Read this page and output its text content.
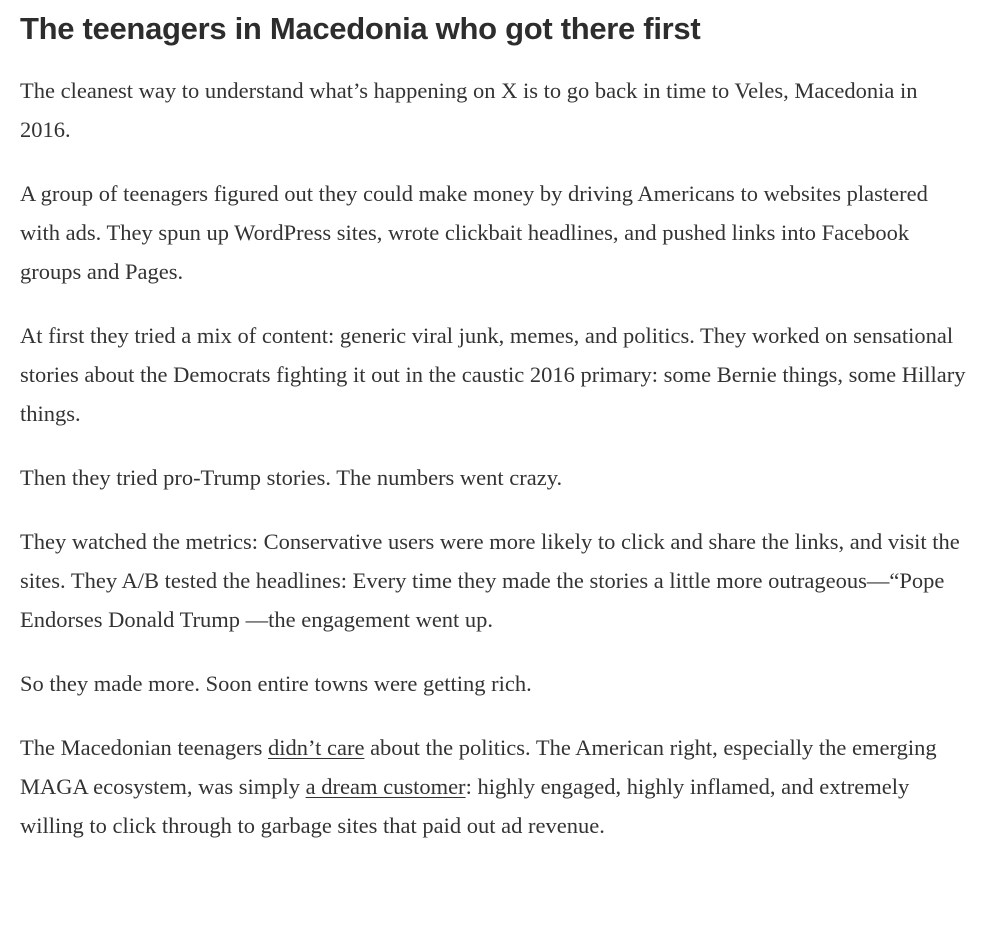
The teenagers in Macedonia who got there first

The cleanest way to understand what’s happening on X is to go back in time to Veles, Macedonia in 2016.

A group of teenagers figured out they could make money by driving Americans to websites plastered with ads. They spun up WordPress sites, wrote clickbait headlines, and pushed links into Facebook groups and Pages.

At first they tried a mix of content: generic viral junk, memes, and politics. They worked on sensational stories about the Democrats fighting it out in the caustic 2016 primary: some Bernie things, some Hillary things.

Then they tried pro-Trump stories. The numbers went crazy.

They watched the metrics: Conservative users were more likely to click and share the links, and visit the sites. They A/B tested the headlines: Every time they made the stories a little more outrageous—“Pope Endorses Donald Trump —the engagement went up.

So they made more. Soon entire towns were getting rich.

The Macedonian teenagers didn’t care about the politics. The American right, especially the emerging MAGA ecosystem, was simply a dream customer: highly engaged, highly inflamed, and extremely willing to click through to garbage sites that paid out ad revenue.
